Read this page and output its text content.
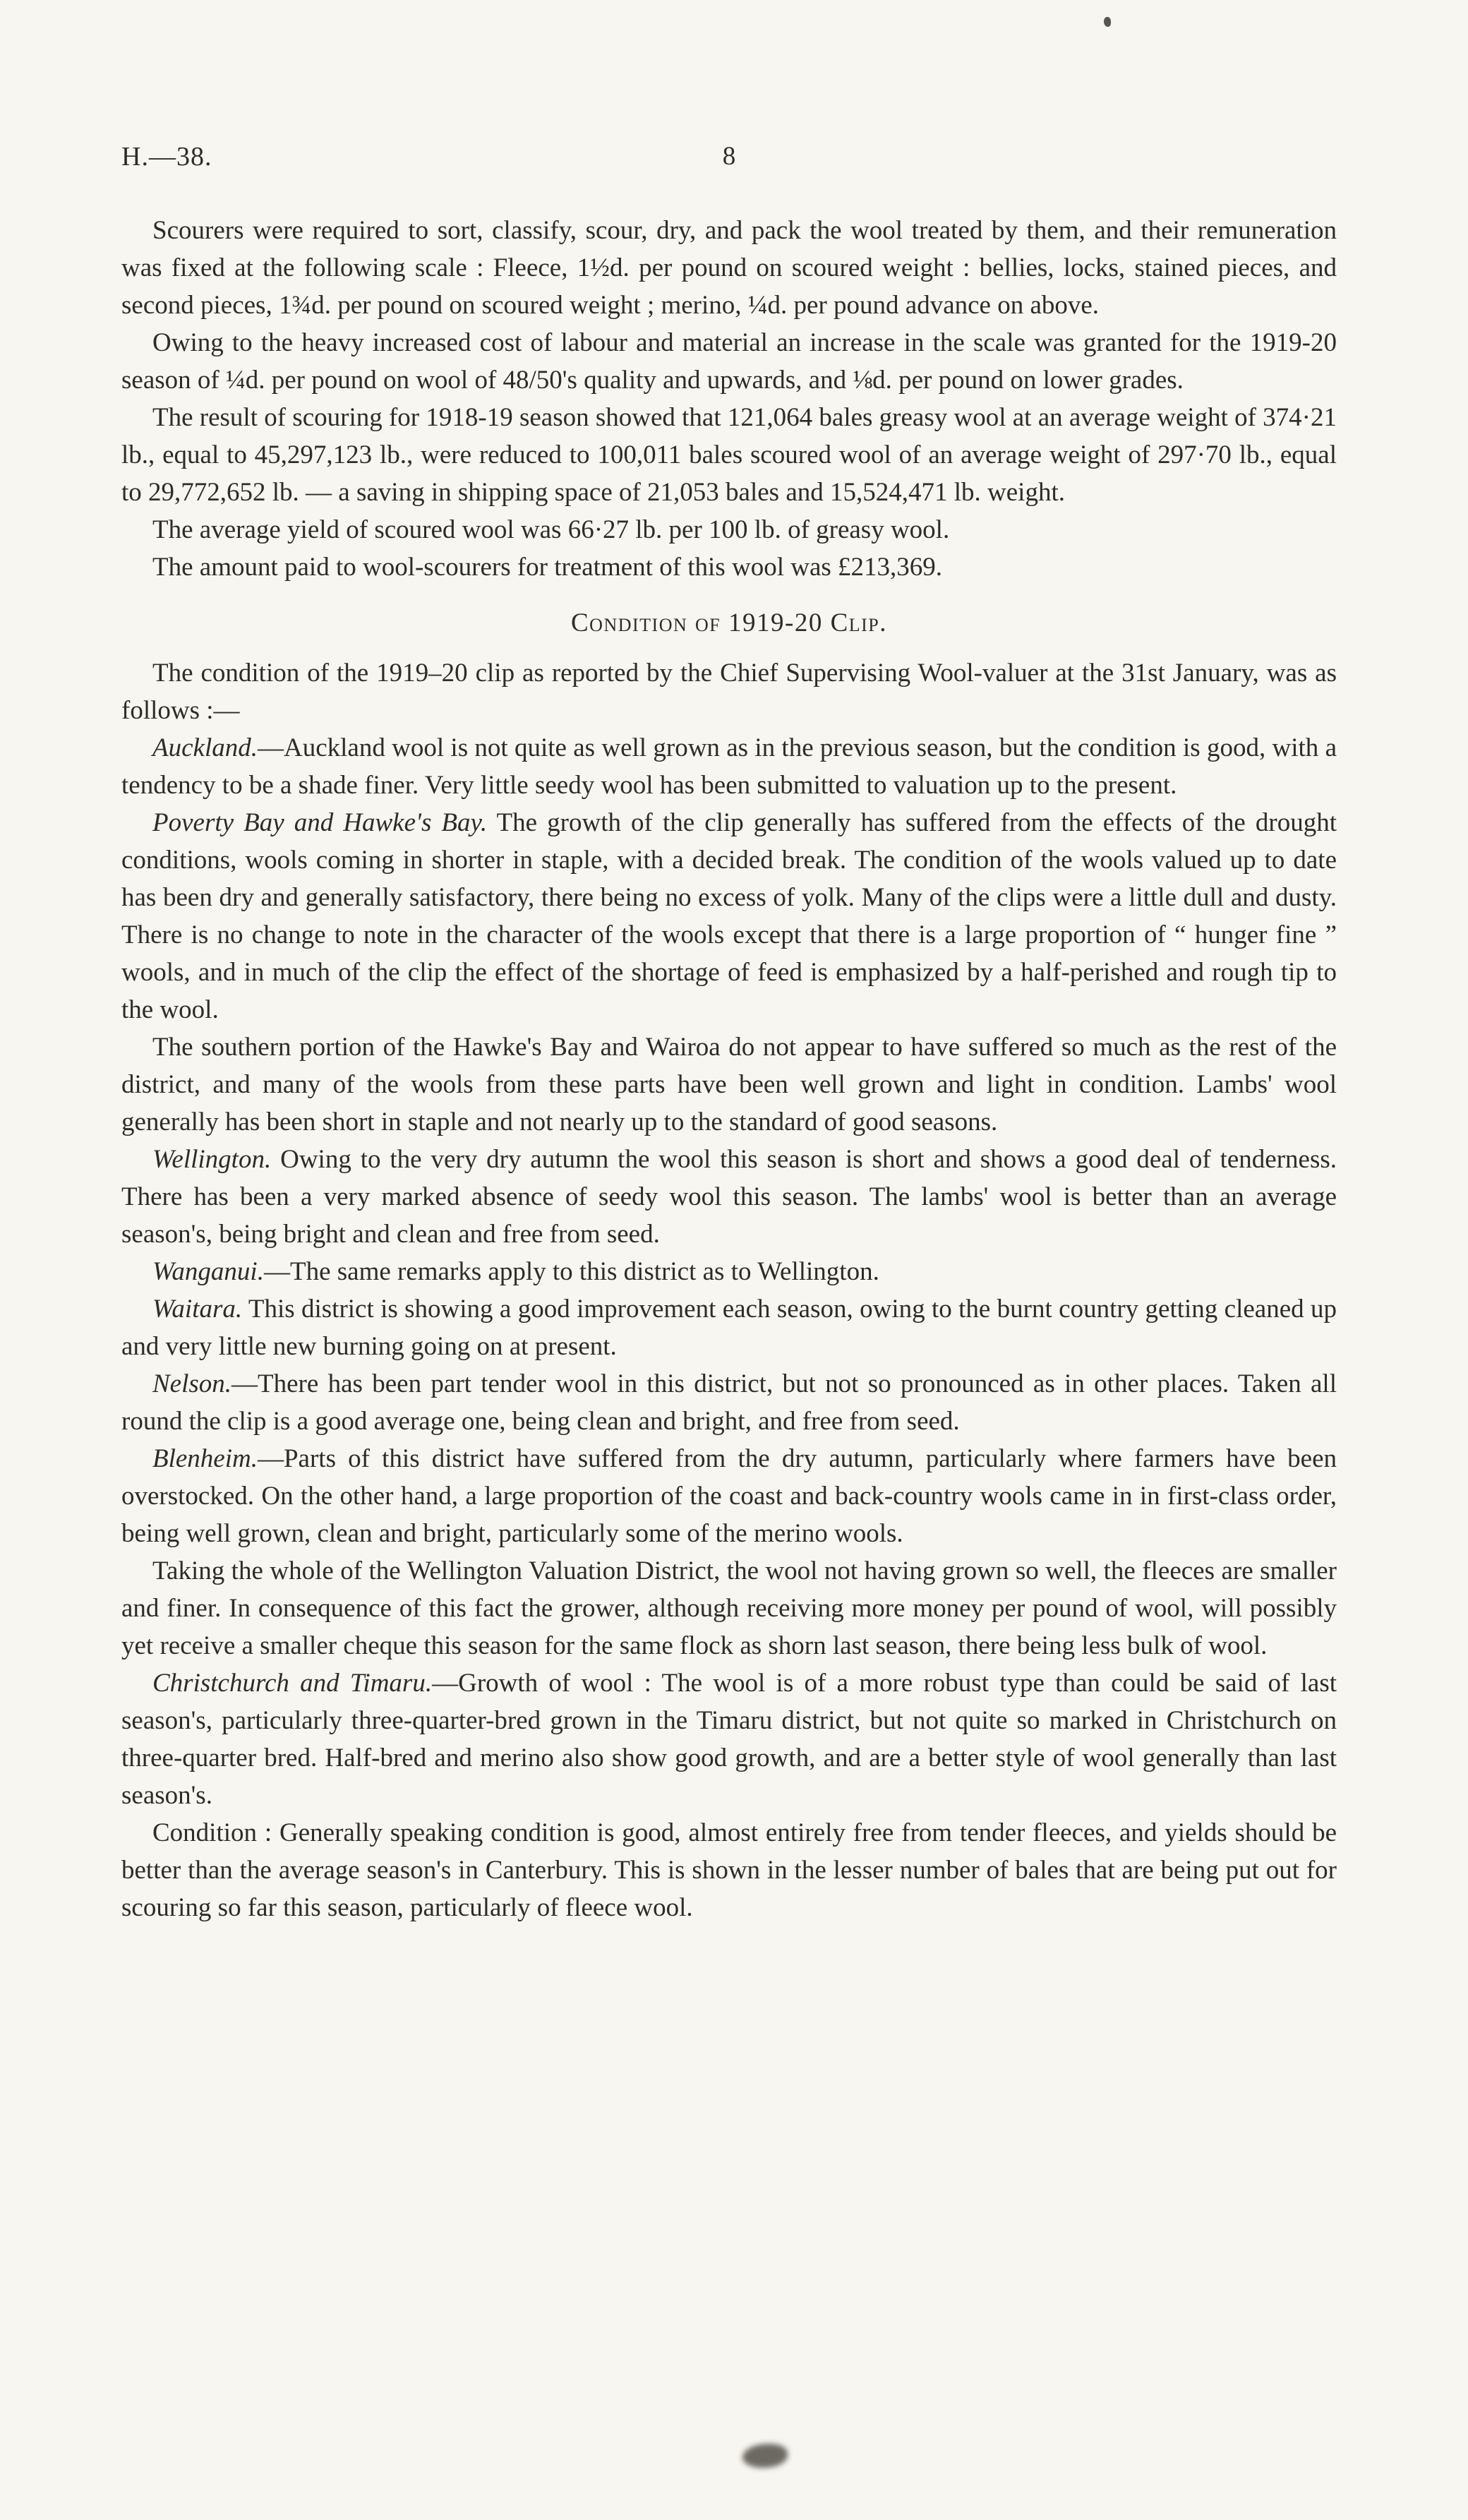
8
H.—38.

Scourers were required to sort, classify, scour, dry, and pack the wool treated by them, and their remuneration was fixed at the following scale : Fleece, 1½d. per pound on scoured weight : bellies, locks, stained pieces, and second pieces, 1¾d. per pound on scoured weight ; merino, ¼d. per pound advance on above.

Owing to the heavy increased cost of labour and material an increase in the scale was granted for the 1919-20 season of ¼d. per pound on wool of 48/50's quality and upwards, and ⅛d. per pound on lower grades.

The result of scouring for 1918-19 season showed that 121,064 bales greasy wool at an average weight of 374·21 lb., equal to 45,297,123 lb., were reduced to 100,011 bales scoured wool of an average weight of 297·70 lb., equal to 29,772,652 lb. — a saving in shipping space of 21,053 bales and 15,524,471 lb. weight.

The average yield of scoured wool was 66·27 lb. per 100 lb. of greasy wool.

The amount paid to wool-scourers for treatment of this wool was £213,369.

Condition of 1919-20 Clip.

The condition of the 1919–20 clip as reported by the Chief Supervising Wool-valuer at the 31st January, was as follows :—

Auckland.—Auckland wool is not quite as well grown as in the previous season, but the condition is good, with a tendency to be a shade finer. Very little seedy wool has been submitted to valuation up to the present.

Poverty Bay and Hawke's Bay. The growth of the clip generally has suffered from the effects of the drought conditions, wools coming in shorter in staple, with a decided break. The condition of the wools valued up to date has been dry and generally satisfactory, there being no excess of yolk. Many of the clips were a little dull and dusty. There is no change to note in the character of the wools except that there is a large proportion of “ hunger fine ” wools, and in much of the clip the effect of the shortage of feed is emphasized by a half-perished and rough tip to the wool.

The southern portion of the Hawke's Bay and Wairoa do not appear to have suffered so much as the rest of the district, and many of the wools from these parts have been well grown and light in condition. Lambs' wool generally has been short in staple and not nearly up to the standard of good seasons.

Wellington. Owing to the very dry autumn the wool this season is short and shows a good deal of tenderness. There has been a very marked absence of seedy wool this season. The lambs' wool is better than an average season's, being bright and clean and free from seed.

Wanganui.—The same remarks apply to this district as to Wellington.

Waitara. This district is showing a good improvement each season, owing to the burnt country getting cleaned up and very little new burning going on at present.

Nelson.—There has been part tender wool in this district, but not so pronounced as in other places. Taken all round the clip is a good average one, being clean and bright, and free from seed.

Blenheim.—Parts of this district have suffered from the dry autumn, particularly where farmers have been overstocked. On the other hand, a large proportion of the coast and back-country wools came in in first-class order, being well grown, clean and bright, particularly some of the merino wools.

Taking the whole of the Wellington Valuation District, the wool not having grown so well, the fleeces are smaller and finer. In consequence of this fact the grower, although receiving more money per pound of wool, will possibly yet receive a smaller cheque this season for the same flock as shorn last season, there being less bulk of wool.

Christchurch and Timaru.—Growth of wool : The wool is of a more robust type than could be said of last season's, particularly three-quarter-bred grown in the Timaru district, but not quite so marked in Christchurch on three-quarter bred. Half-bred and merino also show good growth, and are a better style of wool generally than last season's.

Condition : Generally speaking condition is good, almost entirely free from tender fleeces, and yields should be better than the average season's in Canterbury. This is shown in the lesser number of bales that are being put out for scouring so far this season, particularly of fleece wool.
